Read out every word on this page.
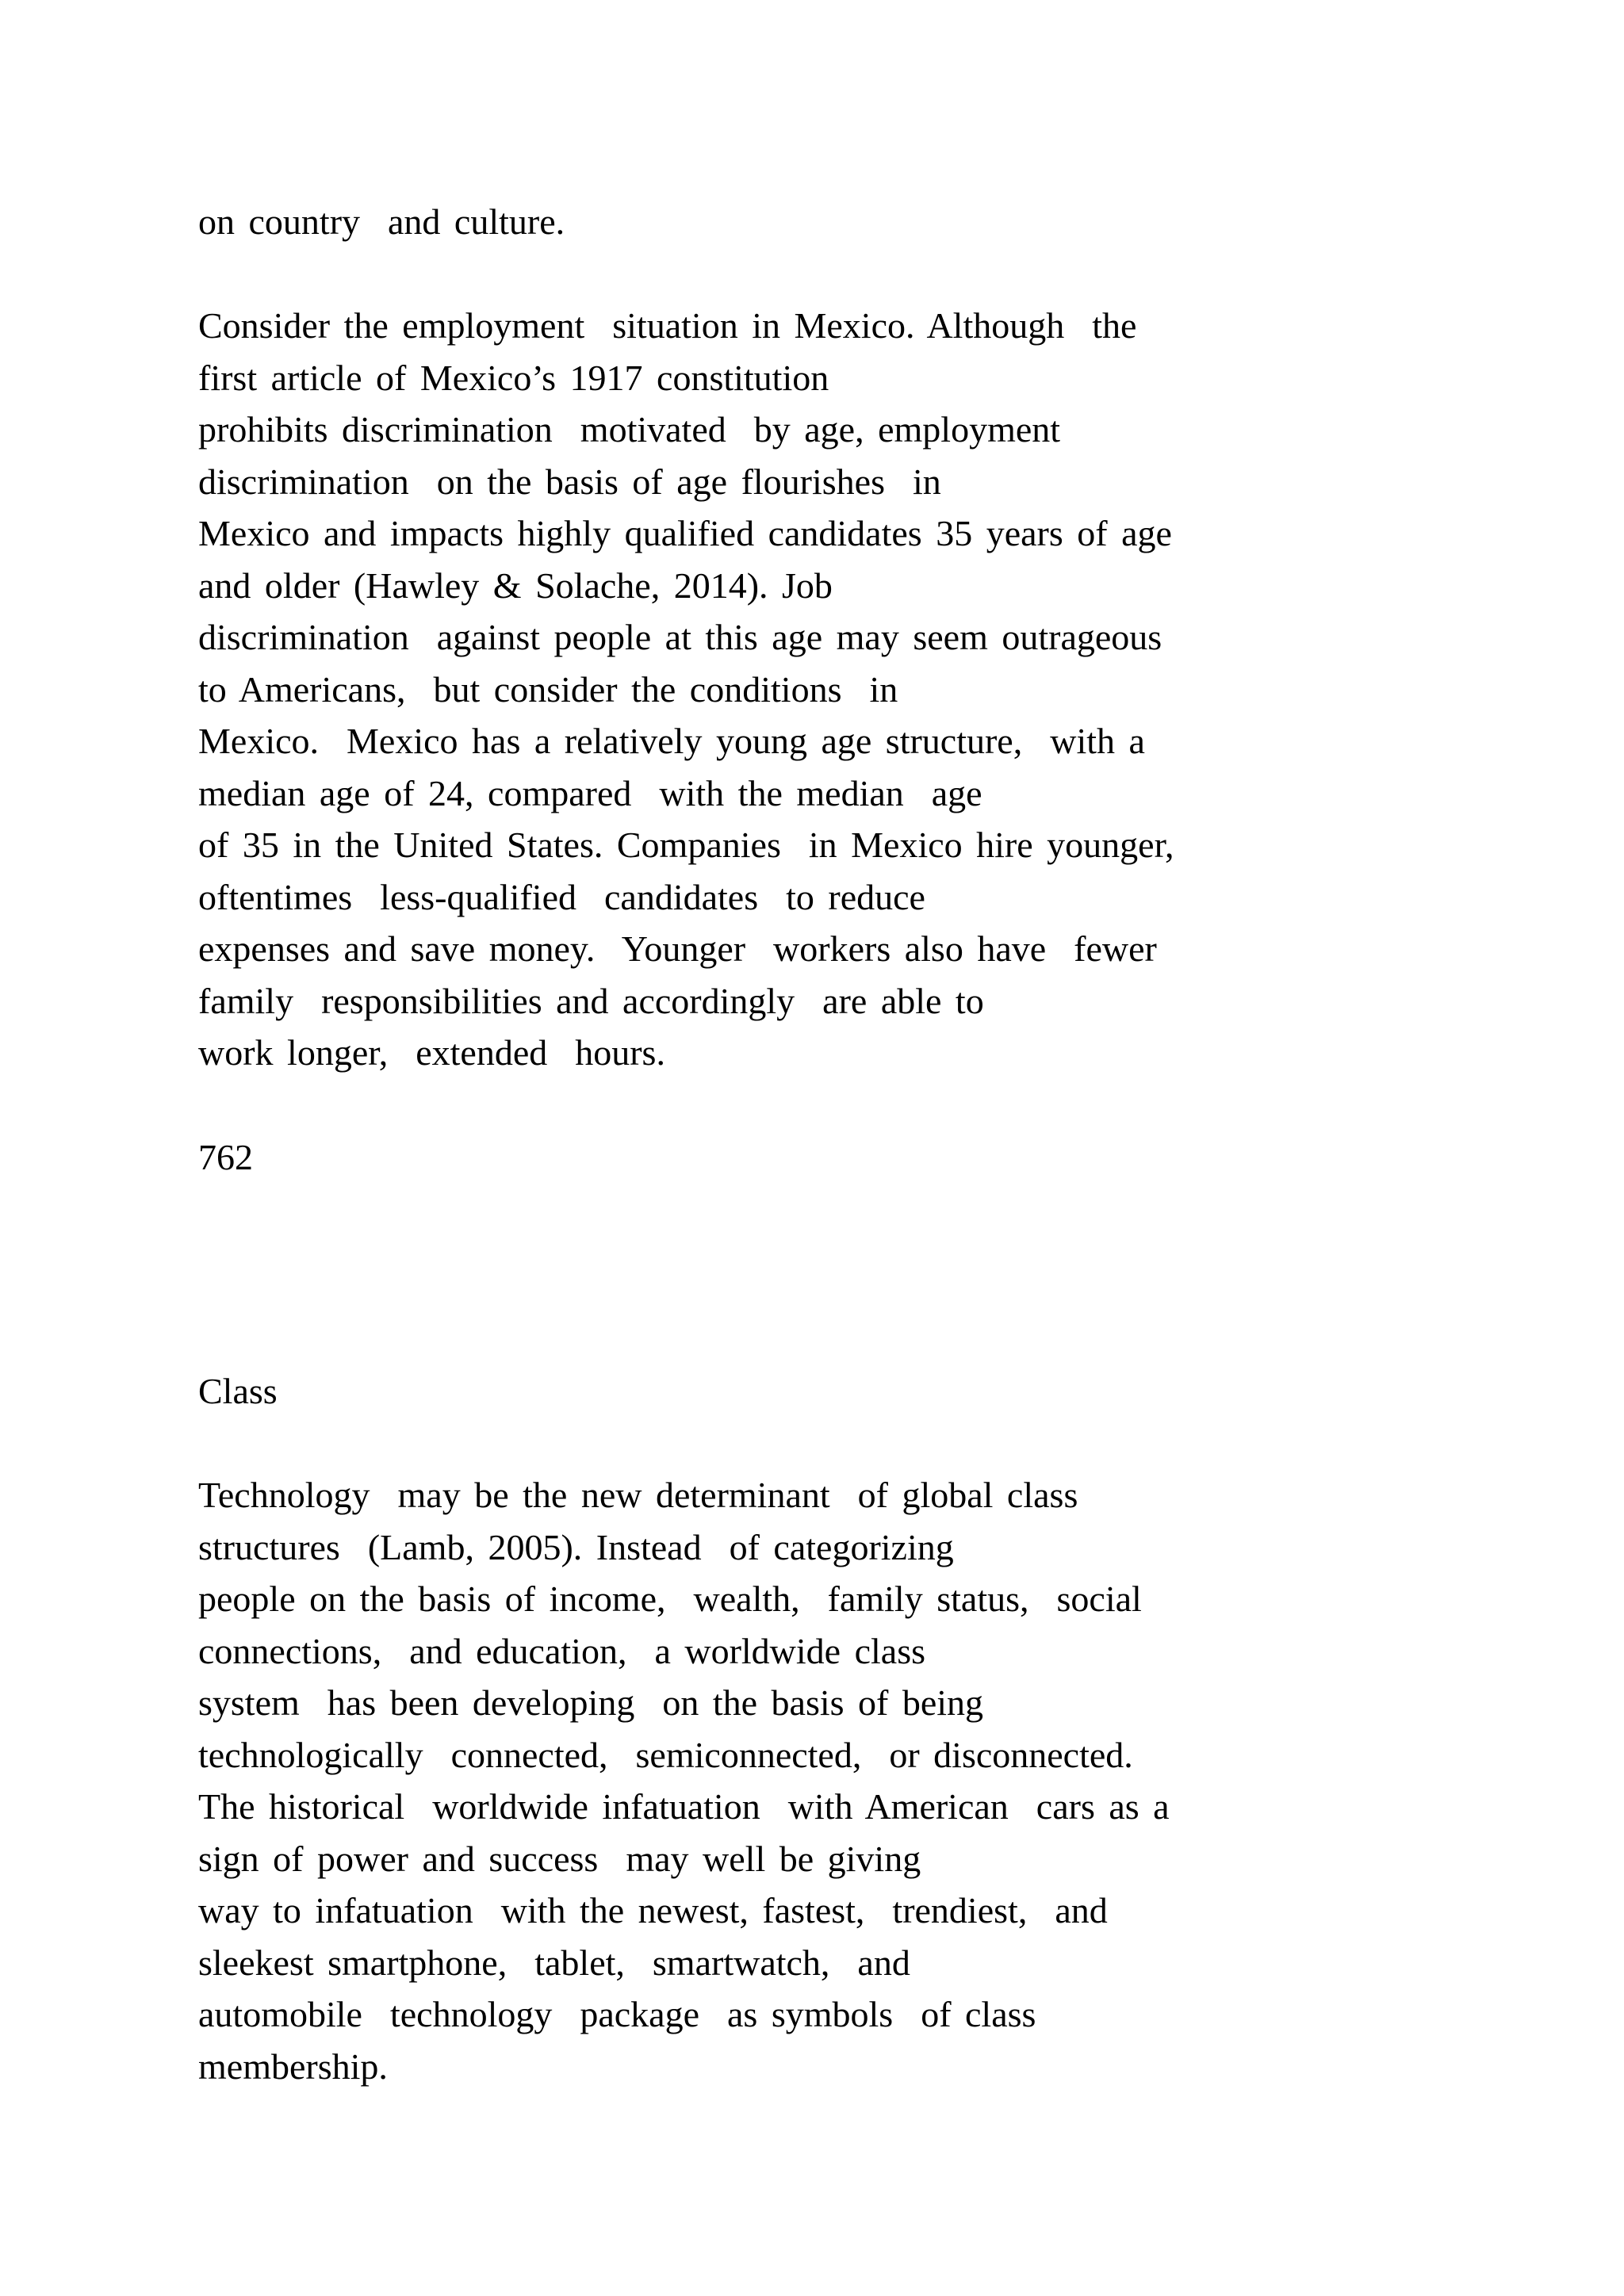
on country  and culture.
Consider the employment  situation in Mexico. Although  the
first article of Mexico’s 1917 constitution
prohibits discrimination  motivated  by age, employment
discrimination  on the basis of age flourishes  in
Mexico and impacts highly qualified candidates 35 years of age
and older (Hawley & Solache, 2014). Job
discrimination  against people at this age may seem outrageous
to Americans,  but consider the conditions  in
Mexico.  Mexico has a relatively young age structure,  with a
median age of 24, compared  with the median  age
of 35 in the United States. Companies  in Mexico hire younger,
oftentimes  less-qualified  candidates  to reduce
expenses and save money.  Younger  workers also have  fewer
family  responsibilities and accordingly  are able to
work longer,  extended  hours.
762
Class
Technology  may be the new determinant  of global class
structures  (Lamb, 2005). Instead  of categorizing
people on the basis of income,  wealth,  family status,  social
connections,  and education,  a worldwide class
system  has been developing  on the basis of being
technologically  connected,  semiconnected,  or disconnected.
The historical  worldwide infatuation  with American  cars as a
sign of power and success  may well be giving
way to infatuation  with the newest, fastest,  trendiest,  and
sleekest smartphone,  tablet,  smartwatch,  and
automobile  technology  package  as symbols  of class
membership.
